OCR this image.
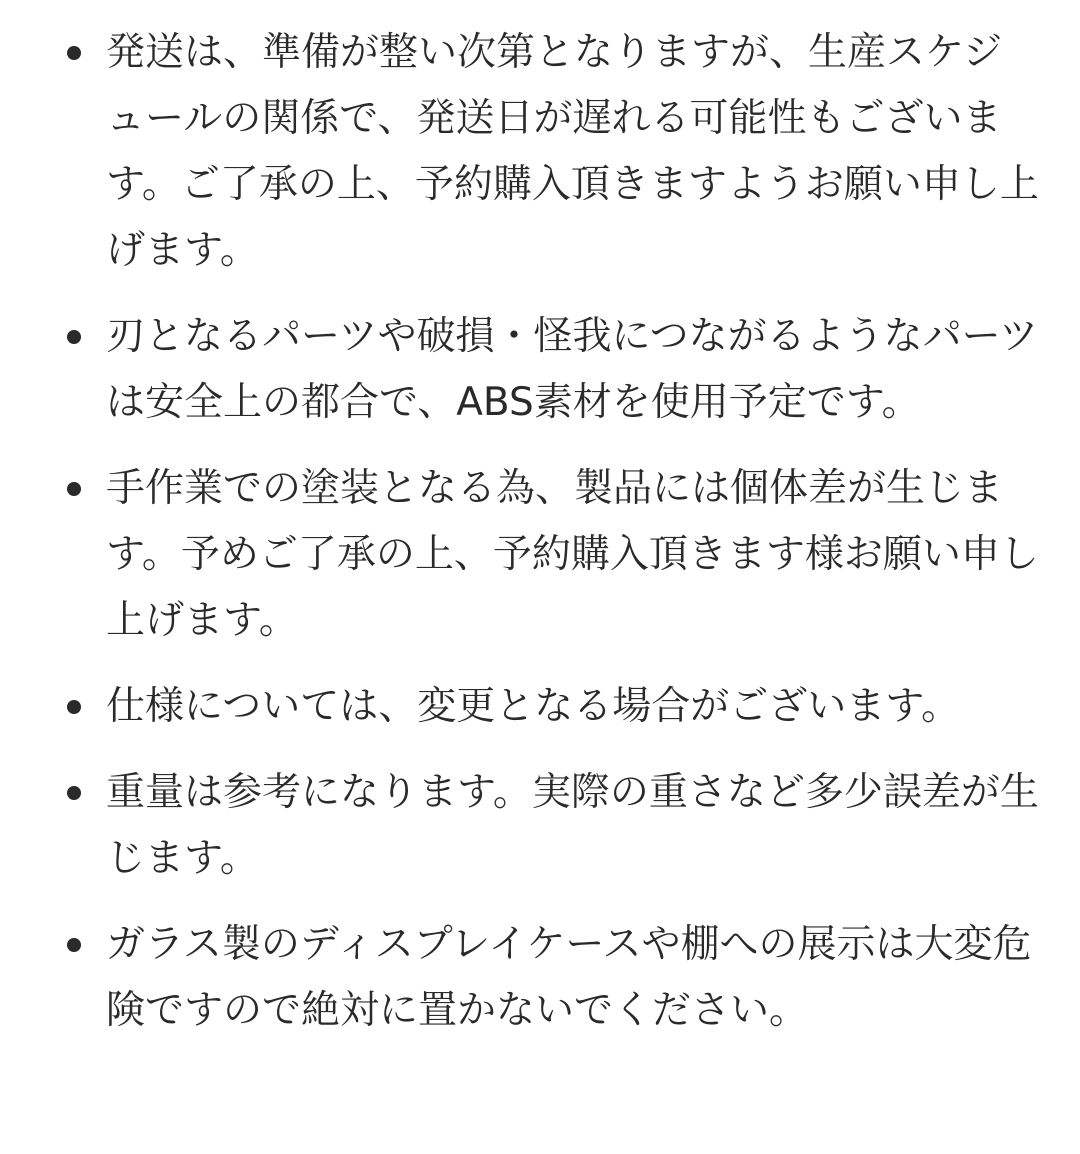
発送は、準備が整い次第となりますが、生産スケジュールの関係で、発送日が遅れる可能性もございます。ご了承の上、予約購入頂きますようお願い申し上げます。
刃となるパーツや破損・怪我につながるようなパーツは安全上の都合で、ABS素材を使用予定です。
手作業での塗装となる為、製品には個体差が生じます。予めご了承の上、予約購入頂きます様お願い申し上げます。
仕様については、変更となる場合がございます。
重量は参考になります。実際の重さなど多少誤差が生じます。
ガラス製のディスプレイケースや棚への展示は大変危険ですので絶対に置かないでください。
